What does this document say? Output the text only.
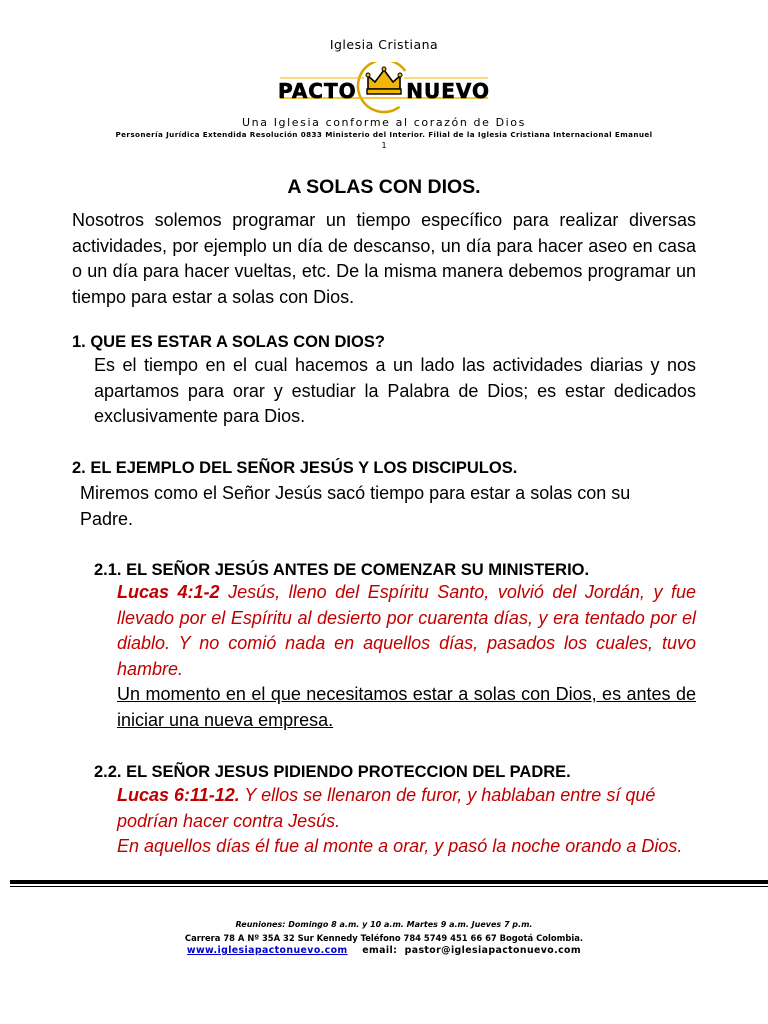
Iglesia Cristiana
PACTO NUEVO
Una Iglesia conforme al corazón de Dios
Personería Jurídica Extendida Resolución 0833 Ministerio del Interior. Filial de la Iglesia Cristiana Internacional Emanuel
1
A SOLAS CON DIOS.
Nosotros solemos programar un tiempo específico para realizar diversas actividades, por ejemplo un día de descanso, un día para hacer aseo en casa o un día para hacer vueltas, etc. De la misma manera debemos programar un tiempo para estar a solas con Dios.
1. QUE ES ESTAR A SOLAS CON DIOS?
Es el tiempo en el cual hacemos a un lado las actividades diarias y nos apartamos para orar y estudiar la Palabra de Dios; es estar dedicados exclusivamente para Dios.
2. EL EJEMPLO DEL SEÑOR JESÚS Y LOS DISCIPULOS.
Miremos como el Señor Jesús sacó tiempo para estar a solas con su Padre.
2.1. EL SEÑOR JESÚS ANTES DE COMENZAR SU MINISTERIO.
Lucas 4:1-2 Jesús, lleno del Espíritu Santo, volvió del Jordán, y fue llevado por el Espíritu al desierto por cuarenta días, y era tentado por el diablo. Y no comió nada en aquellos días, pasados los cuales, tuvo hambre.
Un momento en el que necesitamos estar a solas con Dios, es antes de iniciar una nueva empresa.
2.2. EL SEÑOR JESUS PIDIENDO PROTECCION DEL PADRE.
Lucas 6:11-12. Y ellos se llenaron de furor, y hablaban entre sí qué podrían hacer contra Jesús.
En aquellos días él fue al monte a orar, y pasó la noche orando a Dios.
Reuniones: Domingo 8 a.m. y 10 a.m. Martes 9 a.m. Jueves 7 p.m.
Carrera 78 A Nº 35A 32 Sur Kennedy Teléfono 784 5749 451 66 67 Bogotá Colombia.
www.iglesiapactonuevo.com email: pastor@iglesiapactonuevo.com
